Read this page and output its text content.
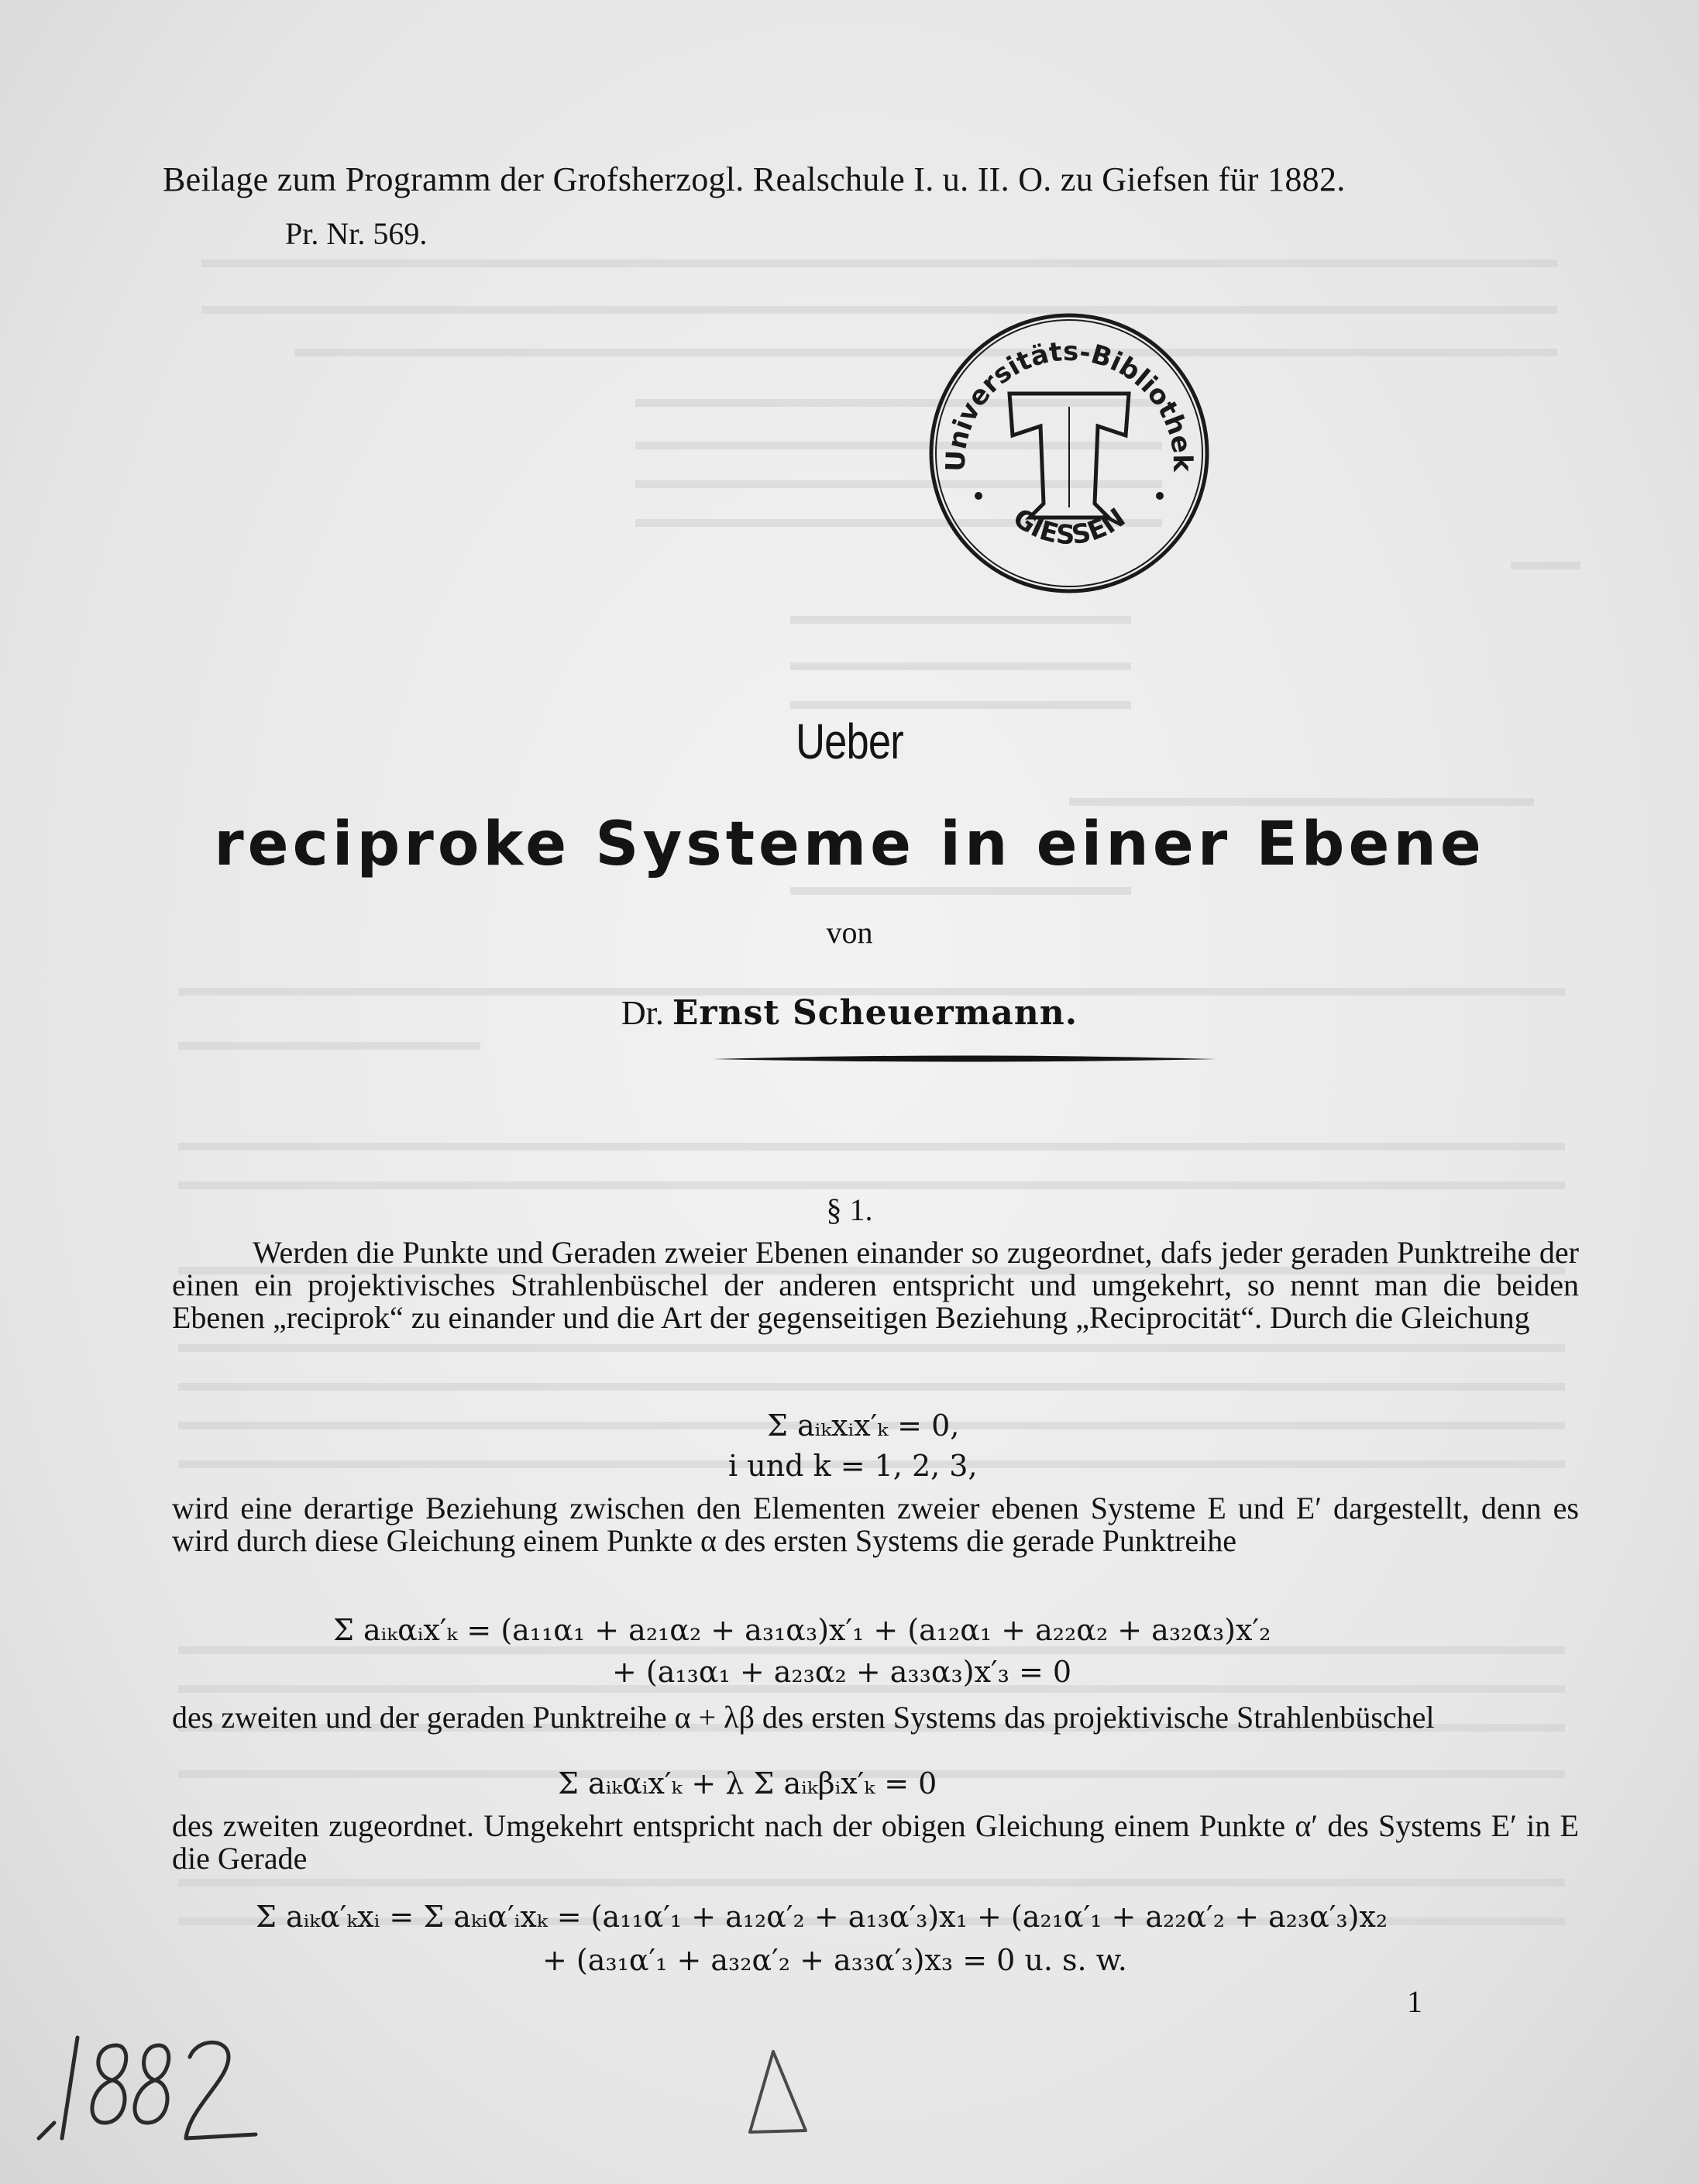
Beilage zum Programm der Grofsherzogl. Realschule I. u. II. O. zu Giefsen für 1882.
Pr. Nr. 569.
Universitäts-Bibliothek
GIESSEN
Ueber
reciproke Systeme in einer Ebene
von
Dr. Ernst Scheuermann.
§ 1.
Werden die Punkte und Geraden zweier Ebenen einander so zugeordnet, dafs jeder geraden Punktreihe der einen ein projektivisches Strahlenbüschel der anderen entspricht und umgekehrt, so nennt man die beiden Ebenen „reciprok“ zu einander und die Art der gegenseitigen Beziehung „Reciprocität“. Durch die Gleichung
Σ aᵢₖxᵢx′ₖ = 0,
i und k = 1, 2, 3,
wird eine derartige Beziehung zwischen den Elementen zweier ebenen Systeme E und E′ dargestellt, denn es wird durch diese Gleichung einem Punkte α des ersten Systems die gerade Punktreihe
Σ aᵢₖαᵢx′ₖ = (a₁₁α₁ + a₂₁α₂ + a₃₁α₃)x′₁ + (a₁₂α₁ + a₂₂α₂ + a₃₂α₃)x′₂
+ (a₁₃α₁ + a₂₃α₂ + a₃₃α₃)x′₃ = 0
des zweiten und der geraden Punktreihe α + λβ des ersten Systems das projektivische Strahlenbüschel
Σ aᵢₖαᵢx′ₖ + λ Σ aᵢₖβᵢx′ₖ = 0
des zweiten zugeordnet. Umgekehrt entspricht nach der obigen Gleichung einem Punkte α′ des Systems E′ in E die Gerade
Σ aᵢₖα′ₖxᵢ = Σ aₖᵢα′ᵢxₖ = (a₁₁α′₁ + a₁₂α′₂ + a₁₃α′₃)x₁ + (a₂₁α′₁ + a₂₂α′₂ + a₂₃α′₃)x₂
+ (a₃₁α′₁ + a₃₂α′₂ + a₃₃α′₃)x₃ = 0 u. s. w.
1
